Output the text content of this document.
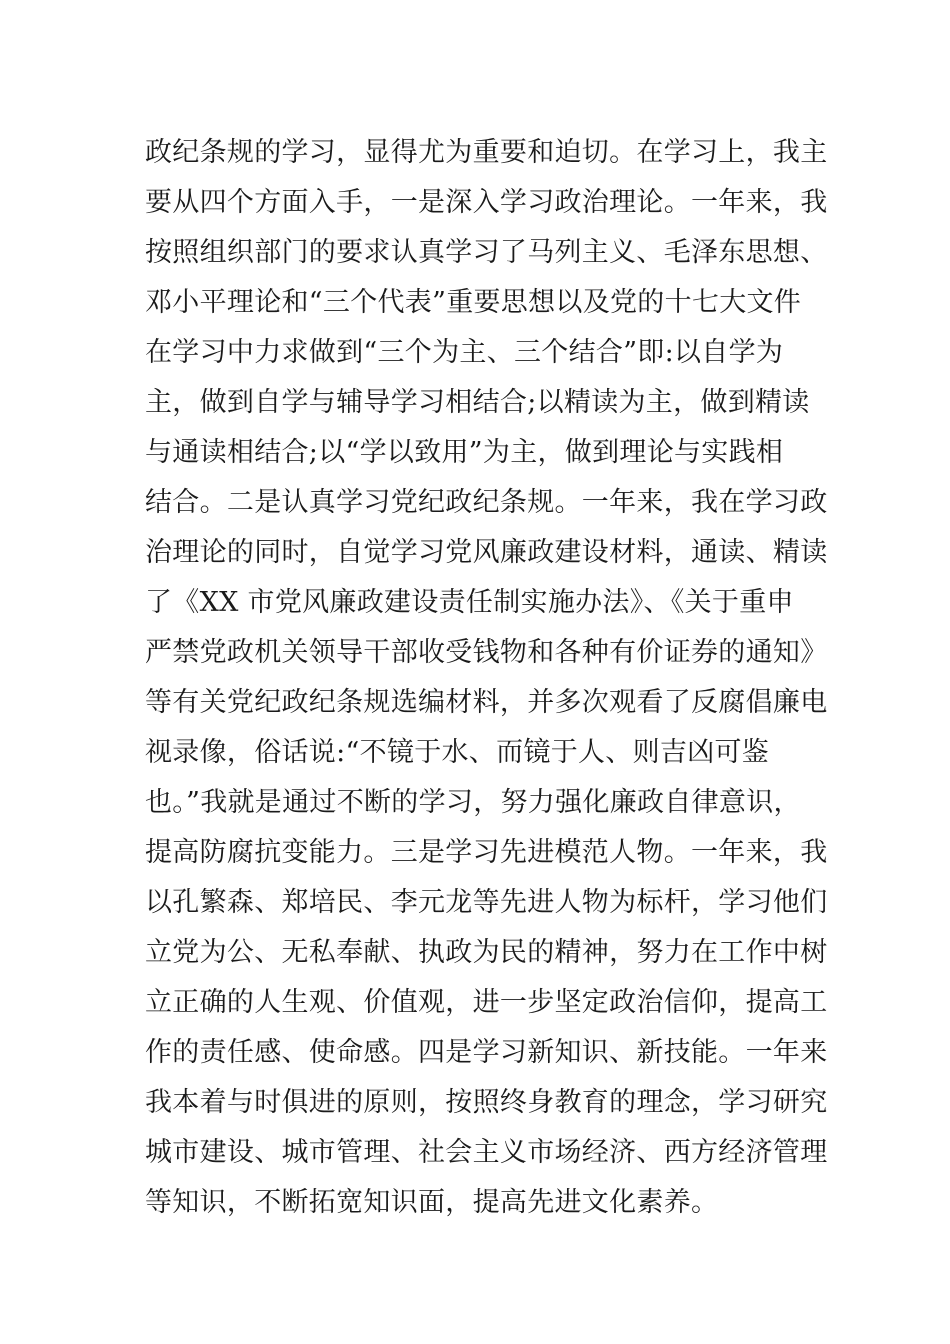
政纪条规的学习，显得尤为重要和迫切。在学习上，我主
要从四个方面入手，一是深入学习政治理论。一年来，我
按照组织部门的要求认真学习了马列主义、毛泽东思想、
邓小平理论和“三个代表”重要思想以及党的十七大文件
在学习中力求做到“三个为主、三个结合”即:以自学为
主，做到自学与辅导学习相结合;以精读为主，做到精读
与通读相结合;以“学以致用”为主，做到理论与实践相
结合。二是认真学习党纪政纪条规。一年来，我在学习政
治理论的同时，自觉学习党风廉政建设材料，通读、精读
了《XX 市党风廉政建设责任制实施办法》、《关于重申
严禁党政机关领导干部收受钱物和各种有价证券的通知》
等有关党纪政纪条规选编材料，并多次观看了反腐倡廉电
视录像，俗话说:“不镜于水、而镜于人、则吉凶可鉴
也。”我就是通过不断的学习，努力强化廉政自律意识，
提高防腐抗变能力。三是学习先进模范人物。一年来，我
以孔繁森、郑培民、李元龙等先进人物为标杆，学习他们
立党为公、无私奉献、执政为民的精神，努力在工作中树
立正确的人生观、价值观，进一步坚定政治信仰，提高工
作的责任感、使命感。四是学习新知识、新技能。一年来
我本着与时俱进的原则，按照终身教育的理念，学习研究
城市建设、城市管理、社会主义市场经济、西方经济管理
等知识，不断拓宽知识面，提高先进文化素养。
